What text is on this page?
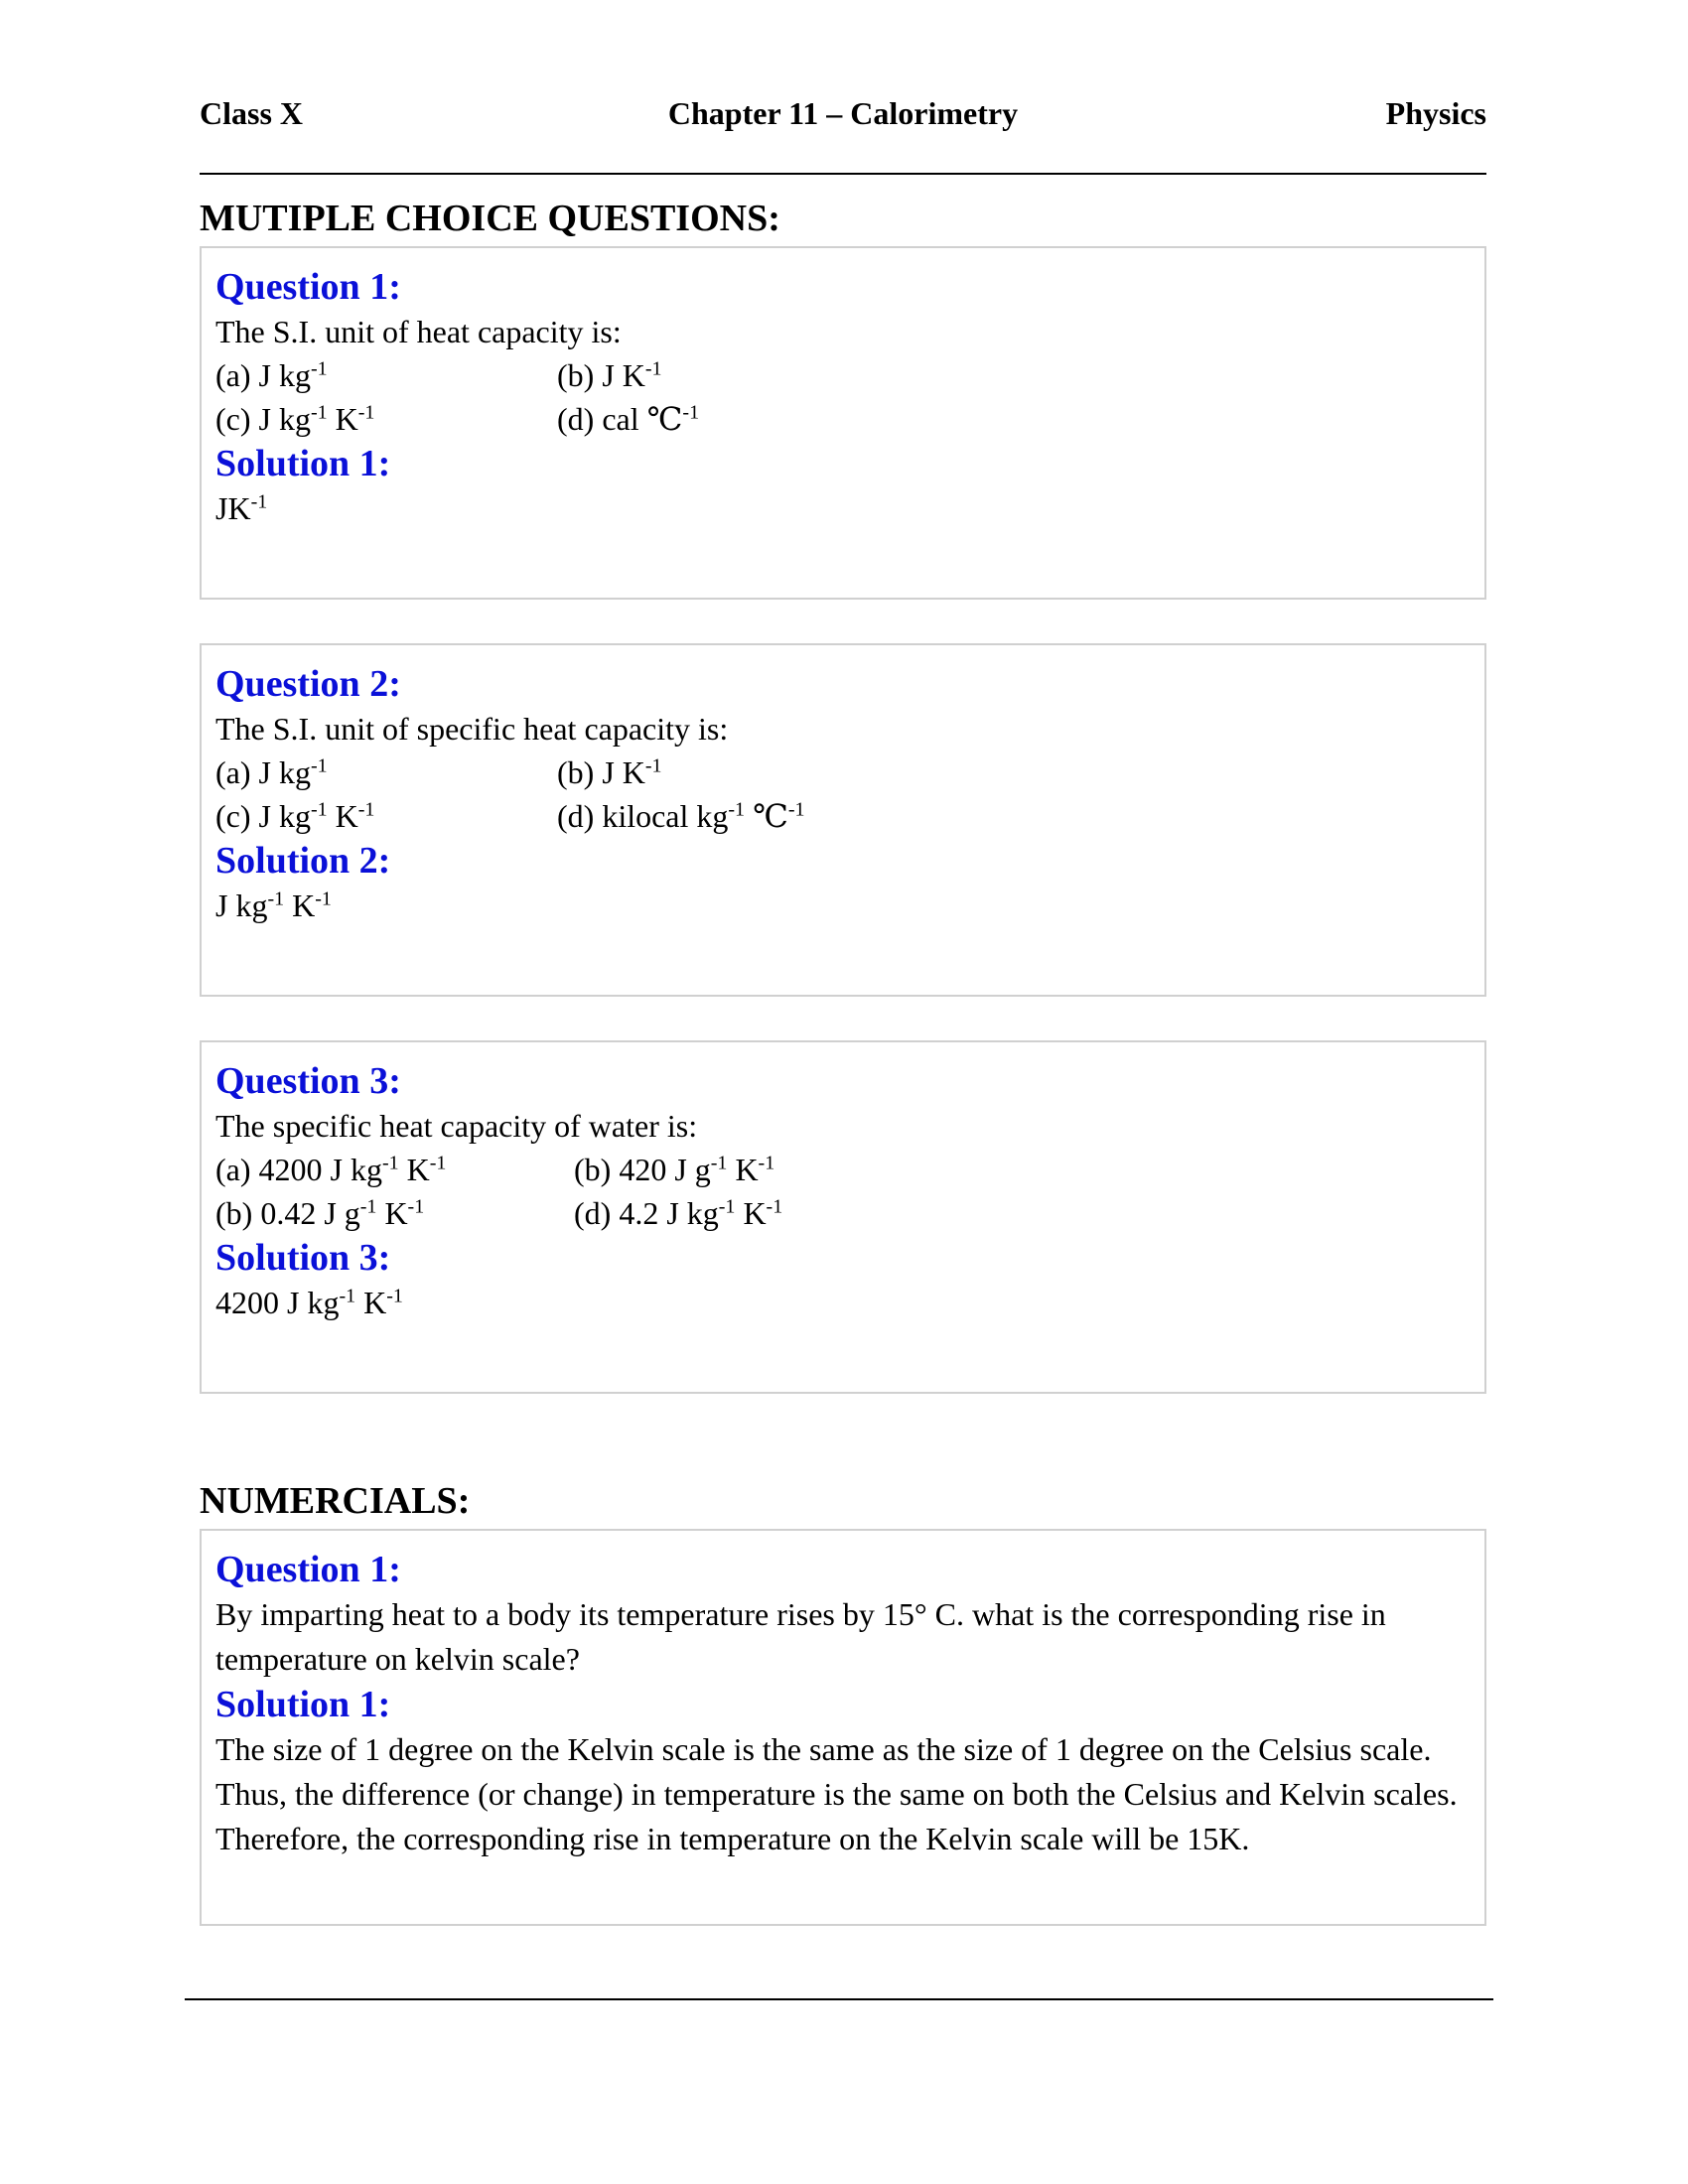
Class X	Chapter 11 – Calorimetry	Physics
MUTIPLE CHOICE QUESTIONS:
Question 1:
The S.I. unit of heat capacity is:
(a) J $kg^{-1}$	(b) J $K^{-1}$
(c) J $kg^{-1}$ $K^{-1}$	(d) cal ℃$^{-1}$
Solution 1:
$JK^{-1}$
Question 2:
The S.I. unit of specific heat capacity is:
(a) J $kg^{-1}$	(b) J $K^{-1}$
(c) J $kg^{-1}$ $K^{-1}$	(d) kilocal $kg^{-1}$ ℃$^{-1}$
Solution 2:
J $kg^{-1}$ $K^{-1}$
Question 3:
The specific heat capacity of water is:
(a) 4200 J $kg^{-1}$ $K^{-1}$	(b) 420 J $g^{-1}$ $K^{-1}$
(b) 0.42 J $g^{-1}$ $K^{-1}$	(d) 4.2 J $kg^{-1}$ $K^{-1}$
Solution 3:
4200 J $kg^{-1}$ $K^{-1}$
NUMERCIALS:
Question 1:
By imparting heat to a body its temperature rises by 15° C. what is the corresponding rise in
temperature on kelvin scale?
Solution 1:
The size of 1 degree on the Kelvin scale is the same as the size of 1 degree on the Celsius scale.
Thus, the difference (or change) in temperature is the same on both the Celsius and Kelvin scales.
Therefore, the corresponding rise in temperature on the Kelvin scale will be 15K.
